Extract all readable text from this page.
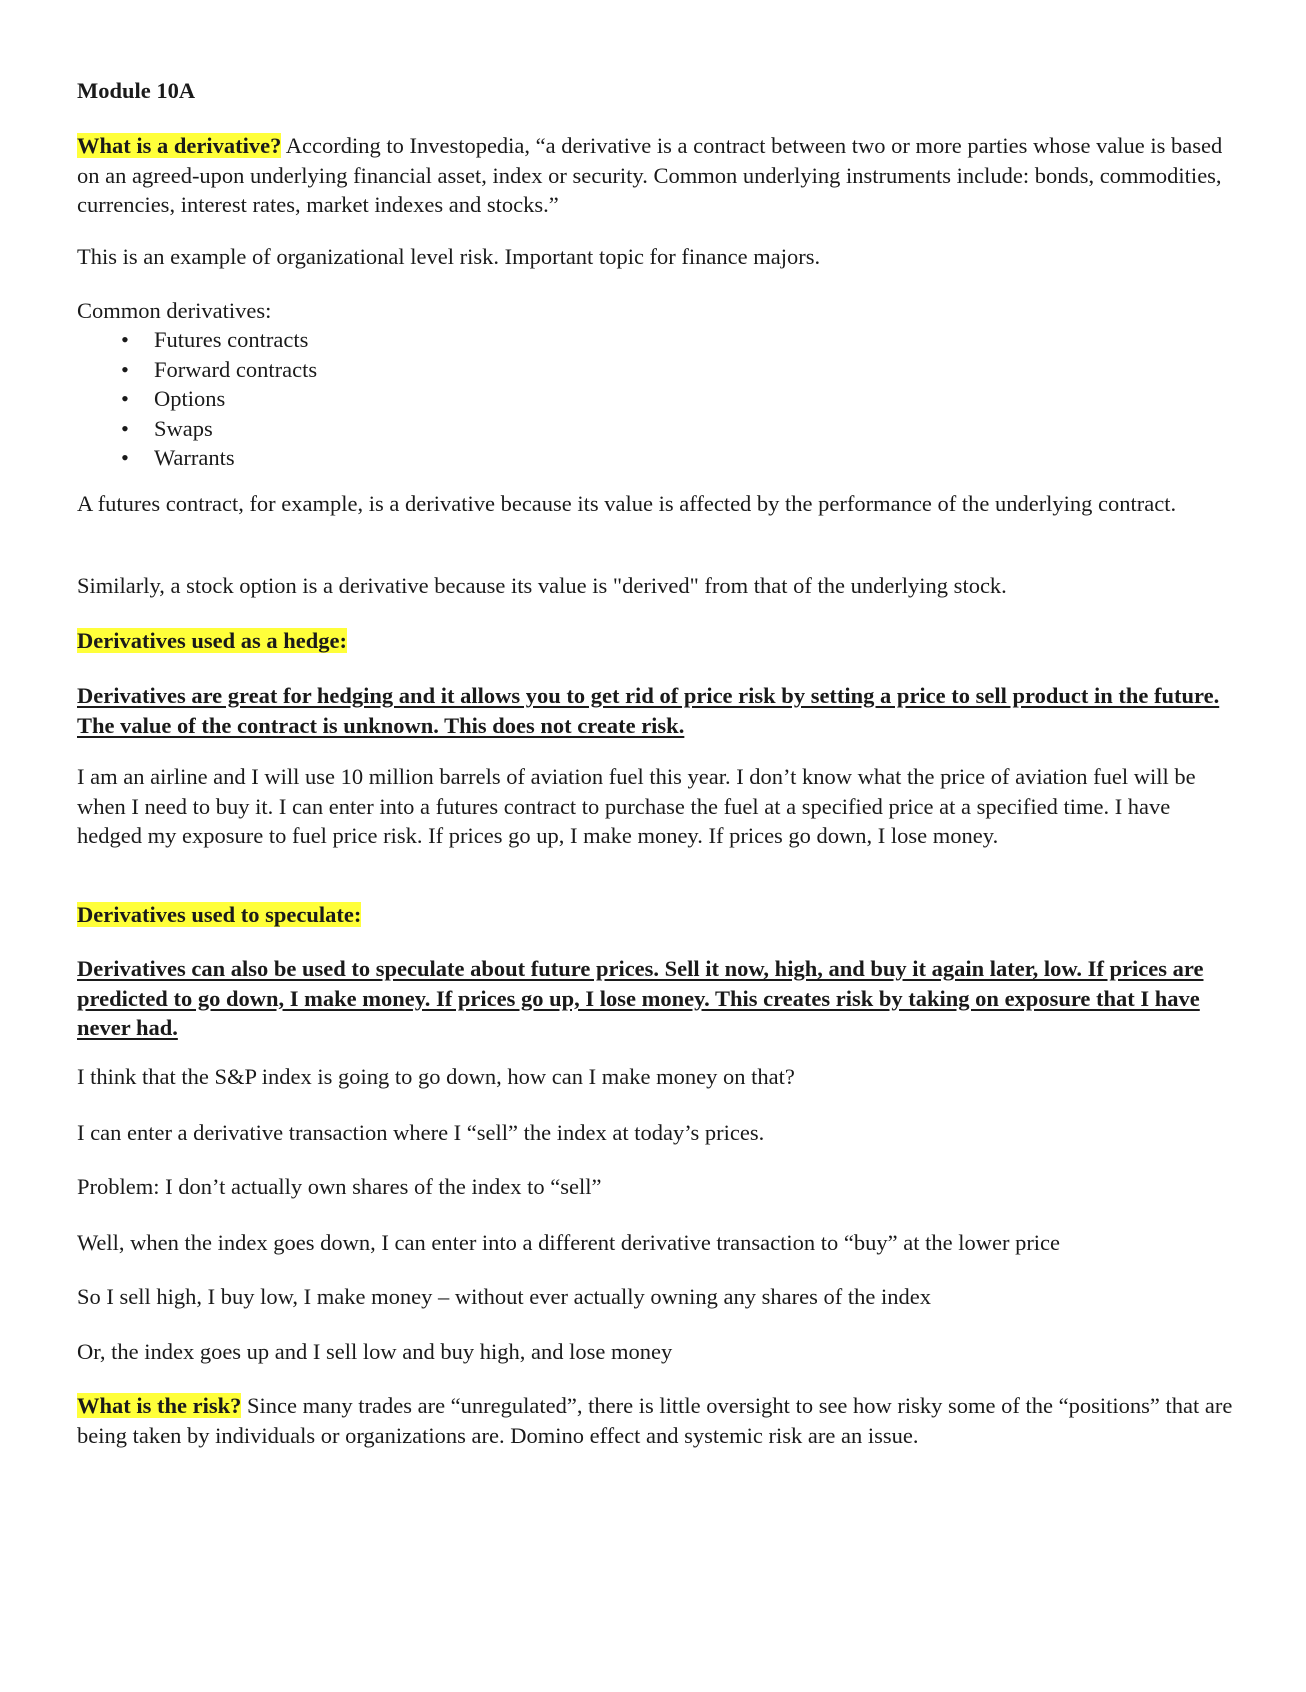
Module 10A

What is a derivative? According to Investopedia, “a derivative is a contract between two or more parties whose value is based on an agreed-upon underlying financial asset, index or security. Common underlying instruments include: bonds, commodities, currencies, interest rates, market indexes and stocks.”

This is an example of organizational level risk. Important topic for finance majors.

Common derivatives:

• Futures contracts
• Forward contracts
• Options
• Swaps
• Warrants

A futures contract, for example, is a derivative because its value is affected by the performance of the underlying contract.

Similarly, a stock option is a derivative because its value is "derived" from that of the underlying stock.

Derivatives used as a hedge:

Derivatives are great for hedging and it allows you to get rid of price risk by setting a price to sell product in the future. The value of the contract is unknown. This does not create risk.

I am an airline and I will use 10 million barrels of aviation fuel this year. I don’t know what the price of aviation fuel will be when I need to buy it. I can enter into a futures contract to purchase the fuel at a specified price at a specified time. I have hedged my exposure to fuel price risk. If prices go up, I make money. If prices go down, I lose money.

Derivatives used to speculate:

Derivatives can also be used to speculate about future prices. Sell it now, high, and buy it again later, low. If prices are predicted to go down, I make money. If prices go up, I lose money. This creates risk by taking on exposure that I have never had.

I think that the S&P index is going to go down, how can I make money on that?

I can enter a derivative transaction where I “sell” the index at today’s prices.

Problem: I don’t actually own shares of the index to “sell”

Well, when the index goes down, I can enter into a different derivative transaction to “buy” at the lower price

So I sell high, I buy low, I make money – without ever actually owning any shares of the index

Or, the index goes up and I sell low and buy high, and lose money

What is the risk? Since many trades are “unregulated”, there is little oversight to see how risky some of the “positions” that are being taken by individuals or organizations are. Domino effect and systemic risk are an issue.
